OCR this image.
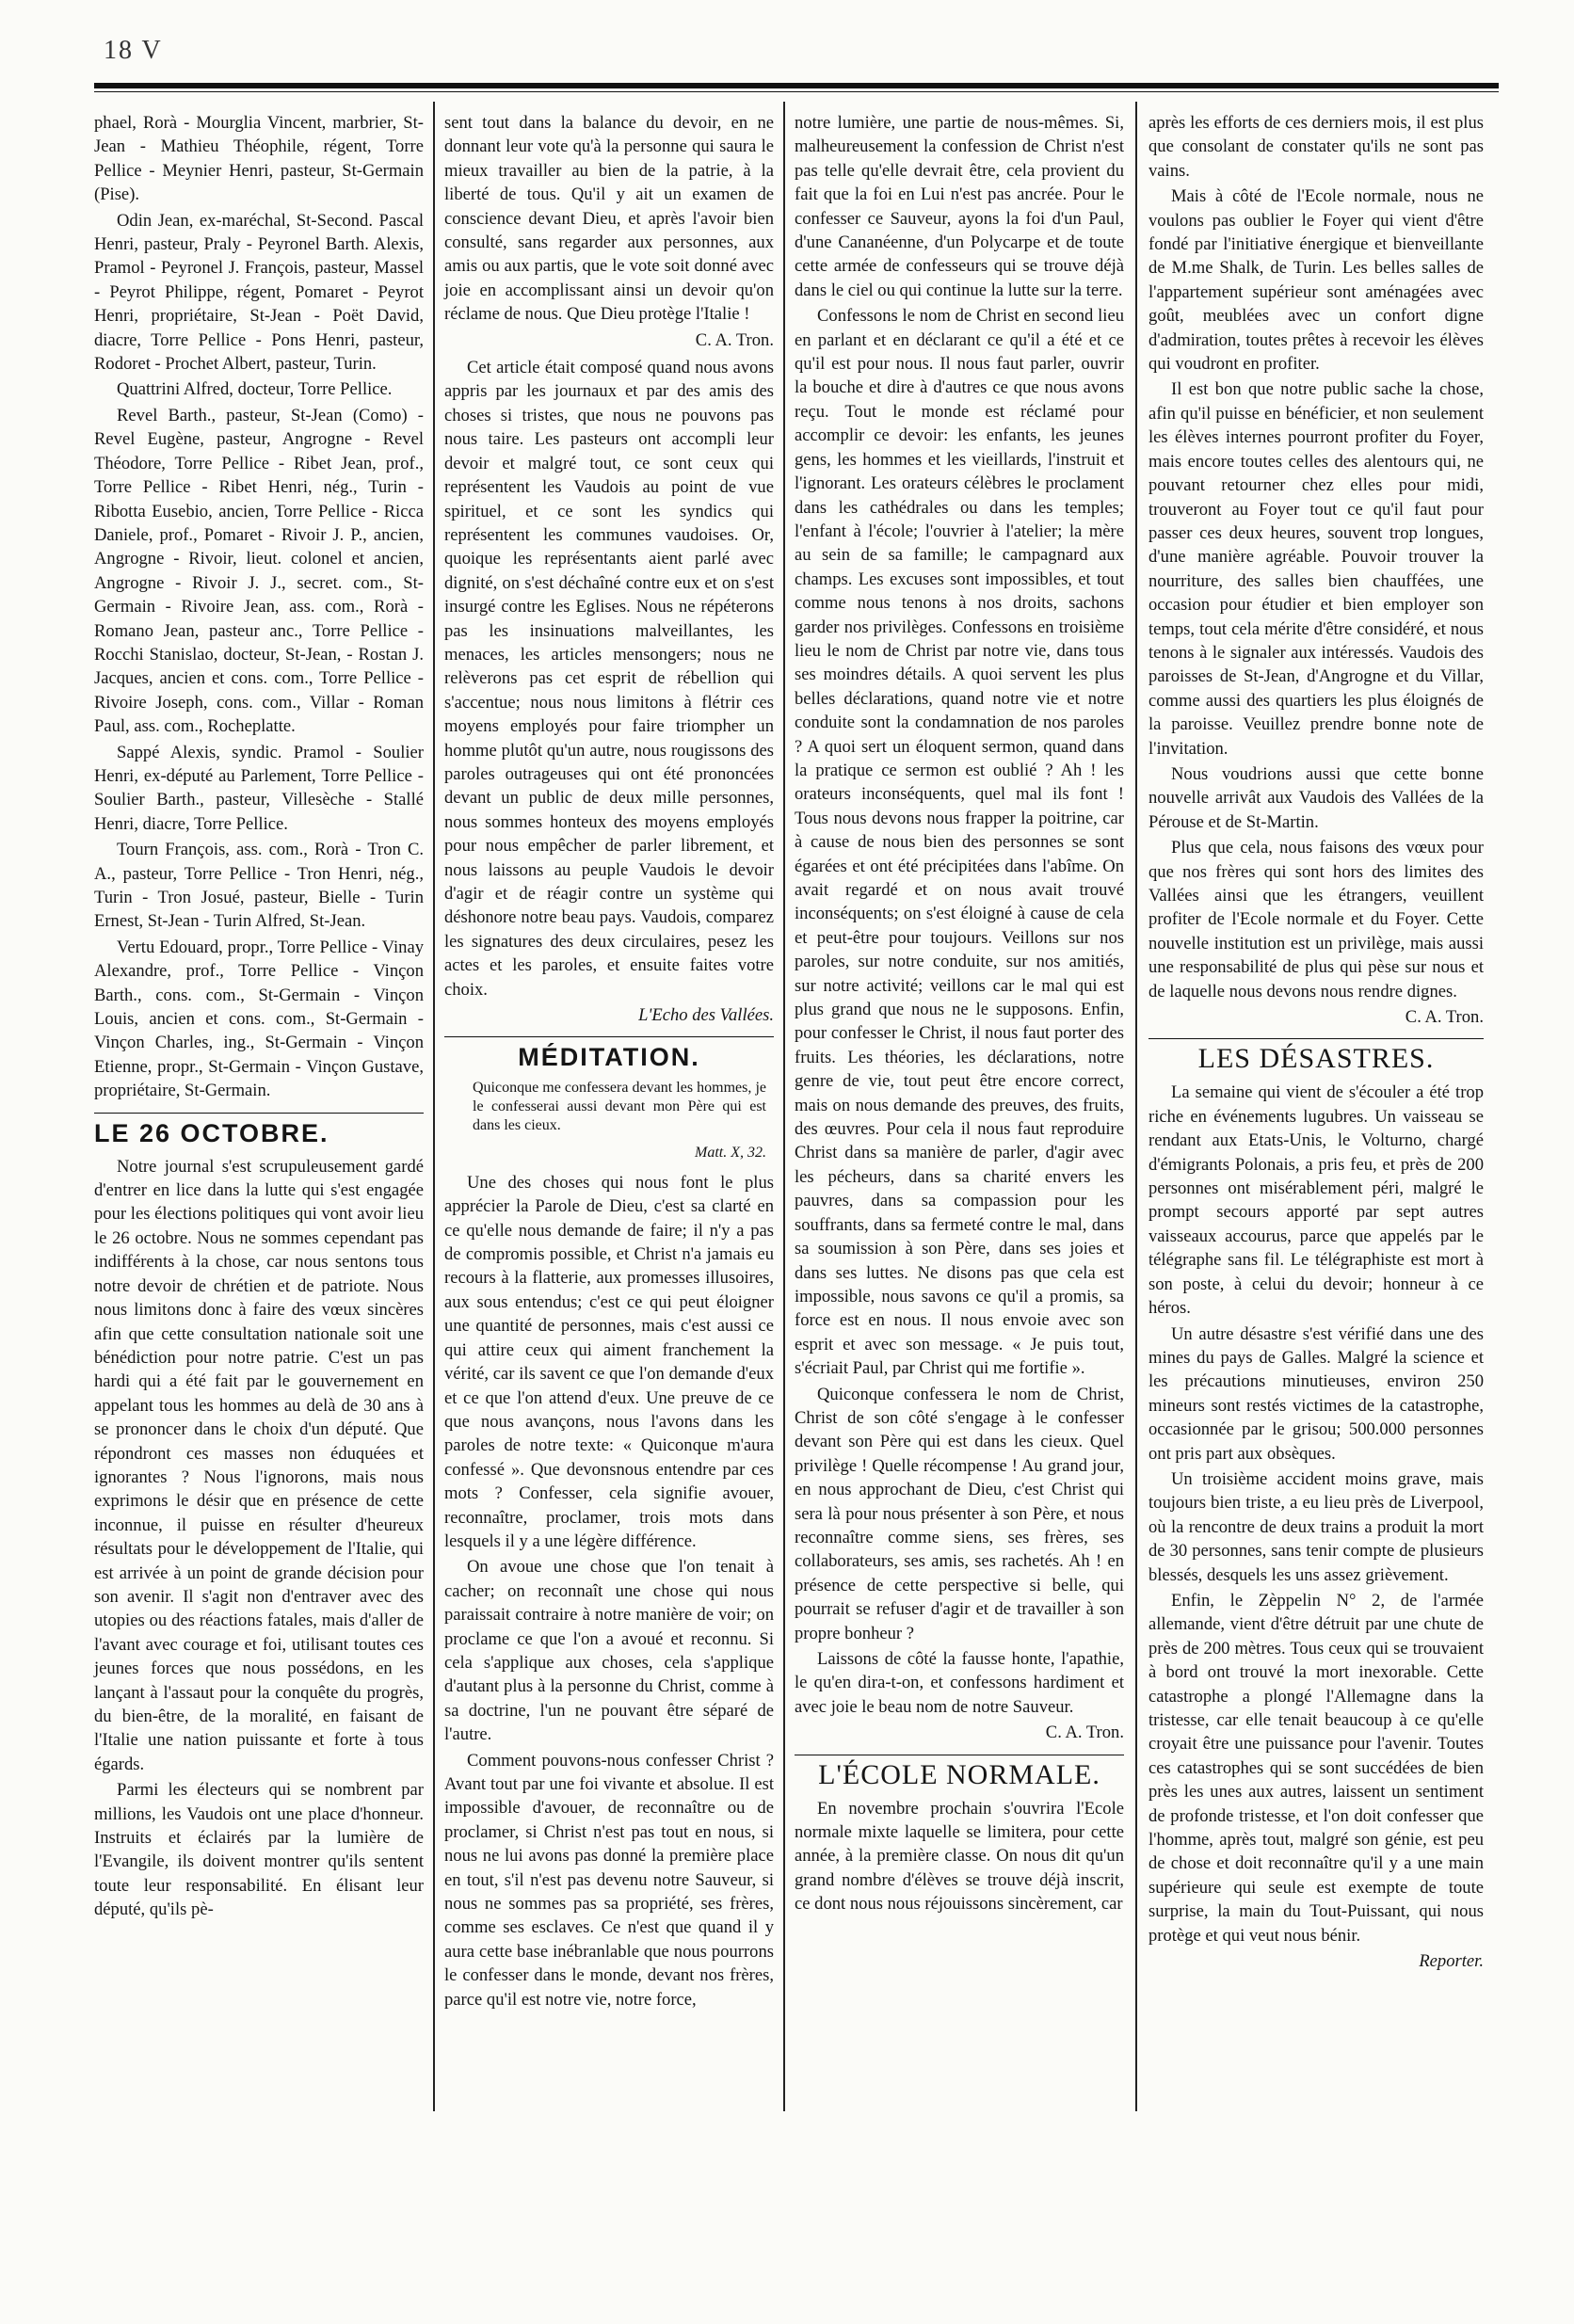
18 V

phael, Rorà - Mourglia Vincent, marbrier, St-Jean - Mathieu Théophile, régent, Torre Pellice - Meynier Henri, pasteur, St-Germain (Pise).

Odin Jean, ex-maréchal, St-Second. Pascal Henri, pasteur, Praly - Peyronel Barth. Alexis, Pramol - Peyronel J. François, pasteur, Massel - Peyrot Philippe, régent, Pomaret - Peyrot Henri, propriétaire, St-Jean - Poët David, diacre, Torre Pellice - Pons Henri, pasteur, Rodoret - Prochet Albert, pasteur, Turin.

Quattrini Alfred, docteur, Torre Pellice.

Revel Barth., pasteur, St-Jean (Como) - Revel Eugène, pasteur, Angrogne - Revel Théodore, Torre Pellice - Ribet Jean, prof., Torre Pellice - Ribet Henri, nég., Turin - Ribotta Eusebio, ancien, Torre Pellice - Ricca Daniele, prof., Pomaret - Rivoir J. P., ancien, Angrogne - Rivoir, lieut. colonel et ancien, Angrogne - Rivoir J. J., secret. com., St-Germain - Rivoire Jean, ass. com., Rorà - Romano Jean, pasteur anc., Torre Pellice - Rocchi Stanislao, docteur, St-Jean, - Rostan J. Jacques, ancien et cons. com., Torre Pellice - Rivoire Joseph, cons. com., Villar - Roman Paul, ass. com., Rocheplatte.

Sappé Alexis, syndic. Pramol - Soulier Henri, ex-député au Parlement, Torre Pellice - Soulier Barth., pasteur, Villesèche - Stallé Henri, diacre, Torre Pellice.

Tourn François, ass. com., Rorà - Tron C. A., pasteur, Torre Pellice - Tron Henri, nég., Turin - Tron Josué, pasteur, Bielle - Turin Ernest, St-Jean - Turin Alfred, St-Jean.

Vertu Edouard, propr., Torre Pellice - Vinay Alexandre, prof., Torre Pellice - Vinçon Barth., cons. com., St-Germain - Vinçon Louis, ancien et cons. com., St-Germain - Vinçon Charles, ing., St-Germain - Vinçon Etienne, propr., St-Germain - Vinçon Gustave, propriétaire, St-Germain.

LE 26 OCTOBRE.

Notre journal s'est scrupuleusement gardé d'entrer en lice dans la lutte qui s'est engagée pour les élections politiques qui vont avoir lieu le 26 octobre. Nous ne sommes cependant pas indifférents à la chose, car nous sentons tous notre devoir de chrétien et de patriote. Nous nous limitons donc à faire des vœux sincères afin que cette consultation nationale soit une bénédiction pour notre patrie. C'est un pas hardi qui a été fait par le gouvernement en appelant tous les hommes au delà de 30 ans à se prononcer dans le choix d'un député. Que répondront ces masses non éduquées et ignorantes ? Nous l'ignorons, mais nous exprimons le désir que en présence de cette inconnue, il puisse en résulter d'heureux résultats pour le développement de l'Italie, qui est arrivée à un point de grande décision pour son avenir. Il s'agit non d'entraver avec des utopies ou des réactions fatales, mais d'aller de l'avant avec courage et foi, utilisant toutes ces jeunes forces que nous possédons, en les lançant à l'assaut pour la conquête du progrès, du bien-être, de la moralité, en faisant de l'Italie une nation puissante et forte à tous égards.

Parmi les électeurs qui se nombrent par millions, les Vaudois ont une place d'honneur. Instruits et éclairés par la lumière de l'Evangile, ils doivent montrer qu'ils sentent toute leur responsabilité. En élisant leur député, qu'ils pè-

sent tout dans la balance du devoir, en ne donnant leur vote qu'à la personne qui saura le mieux travailler au bien de la patrie, à la liberté de tous. Qu'il y ait un examen de conscience devant Dieu, et après l'avoir bien consulté, sans regarder aux personnes, aux amis ou aux partis, que le vote soit donné avec joie en accomplissant ainsi un devoir qu'on réclame de nous. Que Dieu protège l'Italie !

C. A. Tron.

Cet article était composé quand nous avons appris par les journaux et par des amis des choses si tristes, que nous ne pouvons pas nous taire. Les pasteurs ont accompli leur devoir et malgré tout, ce sont ceux qui représentent les Vaudois au point de vue spirituel, et ce sont les syndics qui représentent les communes vaudoises. Or, quoique les représentants aient parlé avec dignité, on s'est déchaîné contre eux et on s'est insurgé contre les Eglises. Nous ne répéterons pas les insinuations malveillantes, les menaces, les articles mensongers; nous ne relèverons pas cet esprit de rébellion qui s'accentue; nous nous limitons à flétrir ces moyens employés pour faire triompher un homme plutôt qu'un autre, nous rougissons des paroles outrageuses qui ont été prononcées devant un public de deux mille personnes, nous sommes honteux des moyens employés pour nous empêcher de parler librement, et nous laissons au peuple Vaudois le devoir d'agir et de réagir contre un système qui déshonore notre beau pays. Vaudois, comparez les signatures des deux circulaires, pesez les actes et les paroles, et ensuite faites votre choix.

L'Echo des Vallées.
MÉDITATION.
Quiconque me confessera devant les hommes, je le confesserai aussi devant mon Père qui est dans les cieux.
Matt. X, 32.

Une des choses qui nous font le plus apprécier la Parole de Dieu, c'est sa clarté en ce qu'elle nous demande de faire; il n'y a pas de compromis possible, et Christ n'a jamais eu recours à la flatterie, aux promesses illusoires, aux sous entendus; c'est ce qui peut éloigner une quantité de personnes, mais c'est aussi ce qui attire ceux qui aiment franchement la vérité, car ils savent ce que l'on demande d'eux et ce que l'on attend d'eux. Une preuve de ce que nous avançons, nous l'avons dans les paroles de notre texte: « Quiconque m'aura confessé ». Que devonsnous entendre par ces mots ? Confesser, cela signifie avouer, reconnaître, proclamer, trois mots dans lesquels il y a une légère différence.

On avoue une chose que l'on tenait à cacher; on reconnaît une chose qui nous paraissait contraire à notre manière de voir; on proclame ce que l'on a avoué et reconnu. Si cela s'applique aux choses, cela s'applique d'autant plus à la personne du Christ, comme à sa doctrine, l'un ne pouvant être séparé de l'autre.

Comment pouvons-nous confesser Christ ? Avant tout par une foi vivante et absolue. Il est impossible d'avouer, de reconnaître ou de proclamer, si Christ n'est pas tout en nous, si nous ne lui avons pas donné la première place en tout, s'il n'est pas devenu notre Sauveur, si nous ne sommes pas sa propriété, ses frères, comme ses esclaves. Ce n'est que quand il y aura cette base inébranlable que nous pourrons le confesser dans le monde, devant nos frères, parce qu'il est notre vie, notre force,

notre lumière, une partie de nous-mêmes. Si, malheureusement la confession de Christ n'est pas telle qu'elle devrait être, cela provient du fait que la foi en Lui n'est pas ancrée. Pour le confesser ce Sauveur, ayons la foi d'un Paul, d'une Cananéenne, d'un Polycarpe et de toute cette armée de confesseurs qui se trouve déjà dans le ciel ou qui continue la lutte sur la terre.

Confessons le nom de Christ en second lieu en parlant et en déclarant ce qu'il a été et ce qu'il est pour nous. Il nous faut parler, ouvrir la bouche et dire à d'autres ce que nous avons reçu. Tout le monde est réclamé pour accomplir ce devoir: les enfants, les jeunes gens, les hommes et les vieillards, l'instruit et l'ignorant. Les orateurs célèbres le proclament dans les cathédrales ou dans les temples; l'enfant à l'école; l'ouvrier à l'atelier; la mère au sein de sa famille; le campagnard aux champs. Les excuses sont impossibles, et tout comme nous tenons à nos droits, sachons garder nos privilèges. Confessons en troisième lieu le nom de Christ par notre vie, dans tous ses moindres détails. A quoi servent les plus belles déclarations, quand notre vie et notre conduite sont la condamnation de nos paroles ? A quoi sert un éloquent sermon, quand dans la pratique ce sermon est oublié ? Ah ! les orateurs inconséquents, quel mal ils font ! Tous nous devons nous frapper la poitrine, car à cause de nous bien des personnes se sont égarées et ont été précipitées dans l'abîme. On avait regardé et on nous avait trouvé inconséquents; on s'est éloigné à cause de cela et peut-être pour toujours. Veillons sur nos paroles, sur notre conduite, sur nos amitiés, sur notre activité; veillons car le mal qui est plus grand que nous ne le supposons. Enfin, pour confesser le Christ, il nous faut porter des fruits. Les théories, les déclarations, notre genre de vie, tout peut être encore correct, mais on nous demande des preuves, des fruits, des œuvres. Pour cela il nous faut reproduire Christ dans sa manière de parler, d'agir avec les pécheurs, dans sa charité envers les pauvres, dans sa compassion pour les souffrants, dans sa fermeté contre le mal, dans sa soumission à son Père, dans ses joies et dans ses luttes. Ne disons pas que cela est impossible, nous savons ce qu'il a promis, sa force est en nous. Il nous envoie avec son esprit et avec son message. « Je puis tout, s'écriait Paul, par Christ qui me fortifie ».

Quiconque confessera le nom de Christ, Christ de son côté s'engage à le confesser devant son Père qui est dans les cieux. Quel privilège ! Quelle récompense ! Au grand jour, en nous approchant de Dieu, c'est Christ qui sera là pour nous présenter à son Père, et nous reconnaître comme siens, ses frères, ses collaborateurs, ses amis, ses rachetés. Ah ! en présence de cette perspective si belle, qui pourrait se refuser d'agir et de travailler à son propre bonheur ?

Laissons de côté la fausse honte, l'apathie, le qu'en dira-t-on, et confessons hardiment et avec joie le beau nom de notre Sauveur.

C. A. Tron.
L'ÉCOLE NORMALE.

En novembre prochain s'ouvrira l'Ecole normale mixte laquelle se limitera, pour cette année, à la première classe. On nous dit qu'un grand nombre d'élèves se trouve déjà inscrit, ce dont nous nous réjouissons sincèrement, car

après les efforts de ces derniers mois, il est plus que consolant de constater qu'ils ne sont pas vains.

Mais à côté de l'Ecole normale, nous ne voulons pas oublier le Foyer qui vient d'être fondé par l'initiative énergique et bienveillante de M.me Shalk, de Turin. Les belles salles de l'appartement supérieur sont aménagées avec goût, meublées avec un confort digne d'admiration, toutes prêtes à recevoir les élèves qui voudront en profiter.

Il est bon que notre public sache la chose, afin qu'il puisse en bénéficier, et non seulement les élèves internes pourront profiter du Foyer, mais encore toutes celles des alentours qui, ne pouvant retourner chez elles pour midi, trouveront au Foyer tout ce qu'il faut pour passer ces deux heures, souvent trop longues, d'une manière agréable. Pouvoir trouver la nourriture, des salles bien chauffées, une occasion pour étudier et bien employer son temps, tout cela mérite d'être considéré, et nous tenons à le signaler aux intéressés. Vaudois des paroisses de St-Jean, d'Angrogne et du Villar, comme aussi des quartiers les plus éloignés de la paroisse. Veuillez prendre bonne note de l'invitation.

Nous voudrions aussi que cette bonne nouvelle arrivât aux Vaudois des Vallées de la Pérouse et de St-Martin.

Plus que cela, nous faisons des vœux pour que nos frères qui sont hors des limites des Vallées ainsi que les étrangers, veuillent profiter de l'Ecole normale et du Foyer. Cette nouvelle institution est un privilège, mais aussi une responsabilité de plus qui pèse sur nous et de laquelle nous devons nous rendre dignes.

C. A. Tron.
LES DÉSASTRES.

La semaine qui vient de s'écouler a été trop riche en événements lugubres. Un vaisseau se rendant aux Etats-Unis, le Volturno, chargé d'émigrants Polonais, a pris feu, et près de 200 personnes ont misérablement péri, malgré le prompt secours apporté par sept autres vaisseaux accourus, parce que appelés par le télégraphe sans fil. Le télégraphiste est mort à son poste, à celui du devoir; honneur à ce héros.

Un autre désastre s'est vérifié dans une des mines du pays de Galles. Malgré la science et les précautions minutieuses, environ 250 mineurs sont restés victimes de la catastrophe, occasionnée par le grisou; 500.000 personnes ont pris part aux obsèques.

Un troisième accident moins grave, mais toujours bien triste, a eu lieu près de Liverpool, où la rencontre de deux trains a produit la mort de 30 personnes, sans tenir compte de plusieurs blessés, desquels les uns assez grièvement.

Enfin, le Zèppelin N° 2, de l'armée allemande, vient d'être détruit par une chute de près de 200 mètres. Tous ceux qui se trouvaient à bord ont trouvé la mort inexorable. Cette catastrophe a plongé l'Allemagne dans la tristesse, car elle tenait beaucoup à ce qu'elle croyait être une puissance pour l'avenir. Toutes ces catastrophes qui se sont succédées de bien près les unes aux autres, laissent un sentiment de profonde tristesse, et l'on doit confesser que l'homme, après tout, malgré son génie, est peu de chose et doit reconnaître qu'il y a une main supérieure qui seule est exempte de toute surprise, la main du Tout-Puissant, qui nous protège et qui veut nous bénir.

Reporter.
